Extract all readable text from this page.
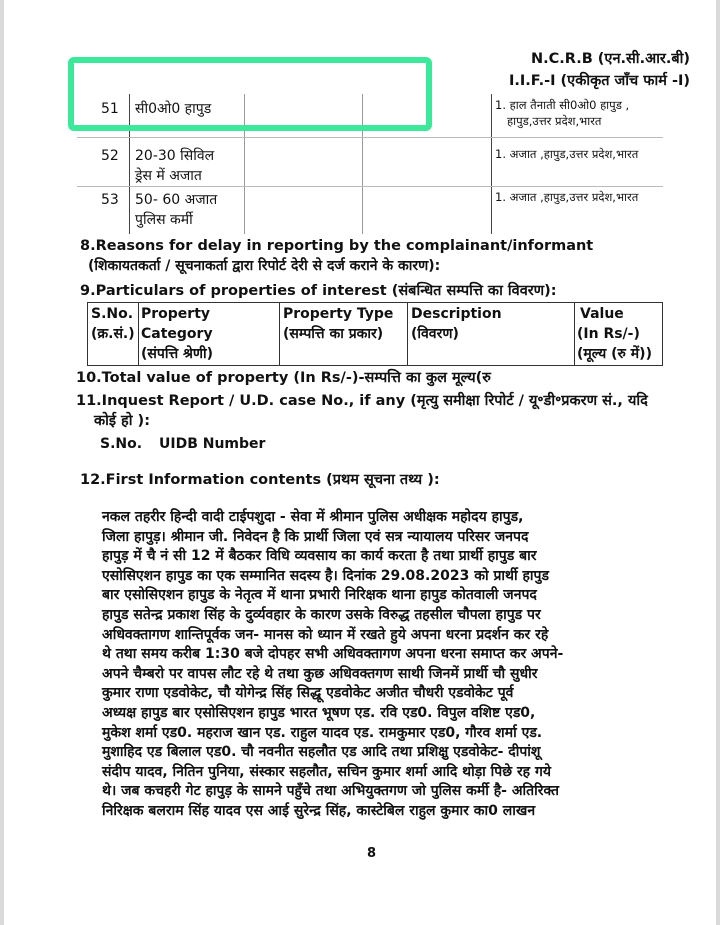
N.C.R.B (एन.सी.आर.बी)
I.I.F.-I (एकीकृत जाँच फार्म -I)
51 सी0ओ0 हापुड	1. हाल तैनाती सी0ओ0 हापुड ,
हापुड,उत्तर प्रदेश,भारत
52 20-30 सिविल
ड्रेस में अजात
1. अजात ,हापुड,उत्तर प्रदेश,भारत
53 50- 60 अजात
पुलिस कर्मी
1. अजात ,हापुड,उत्तर प्रदेश,भारत
8.Reasons for delay in reporting by the complainant/informant
(शिकायतकर्ता / सूचनाकर्ता द्वारा रिपोर्ट देरी से दर्ज कराने के कारण):
9.Particulars of properties of interest (संबन्धित सम्पत्ति का विवरण):
S.No.
(क्र.सं.)
Property
Category
(संपत्ति श्रेणी)
Property Type
(सम्पत्ति का प्रकार)
Description
(विवरण)
Value
(In Rs/-)
(मूल्य (रु में))
10.Total value of property (In Rs/-)-सम्पत्ति का कुल मूल्य(रु
11.Inquest Report / U.D. case No., if any (मृत्यु समीक्षा रिपोर्ट / यू॰डी॰प्रकरण सं., यदि
कोई हो ):
S.No. UIDB Number
12.First Information contents (प्रथम सूचना तथ्य ):
नकल तहरीर हिन्दी वादी टाईपशुदा - सेवा में श्रीमान पुलिस अधीक्षक महोदय हापुड,
जिला हापुड़। श्रीमान जी. निवेदन है कि प्रार्थी जिला एवं सत्र न्यायालय परिसर जनपद
हापुड़ में चै नं सी 12 में बैठकर विधि व्यवसाय का कार्य करता है तथा प्रार्थी हापुड बार
एसोसिएशन हापुड का एक सम्मानित सदस्य है। दिनांक 29.08.2023 को प्रार्थी हापुड
बार एसोसिएशन हापुड के नेतृत्व में थाना प्रभारी निरिक्षक थाना हापुड कोतवाली जनपद
हापुड सतेन्द्र प्रकाश सिंह के दुर्व्यवहार के कारण उसके विरुद्ध तहसील चौपला हापुड पर
अधिवक्तागण शान्तिपूर्वक जन- मानस को ध्यान में रखते हुये अपना धरना प्रदर्शन कर रहे
थे तथा समय करीब 1:30 बजे दोपहर सभी अधिवक्तागण अपना धरना समाप्त कर अपने-
अपने चैम्बरो पर वापस लौट रहे थे तथा कुछ अधिवक्तगण साथी जिनमें प्रार्थी चौ सुधीर
कुमार राणा एडवोकेट, चौ योगेन्द्र सिंह सिद्धू एडवोकेट अजीत चौधरी एडवोकेट पूर्व
अध्यक्ष हापुड बार एसोसिएशन हापुड भारत भूषण एड. रवि एड0. विपुल वशिष्ट एड0,
मुकेश शर्मा एड0. महराज खान एड. राहुल यादव एड. रामकुमार एड0, गौरव शर्मा एड.
मुशाहिद एड बिलाल एड0. चौ नवनीत सहलौत एड आदि तथा प्रशिक्षु एडवोकेट- दीपांशू
संदीप यादव, नितिन पुनिया, संस्कार सहलौत, सचिन कुमार शर्मा आदि थोड़ा पिछे रह गये
थे। जब कचहरी गेट हापुड़ के सामने पहुँचे तथा अभियुक्तगण जो पुलिस कर्मी है- अतिरिक्त
निरिक्षक बलराम सिंह यादव एस आई सुरेन्द्र सिंह, कास्टेबिल राहुल कुमार का0 लाखन
8
